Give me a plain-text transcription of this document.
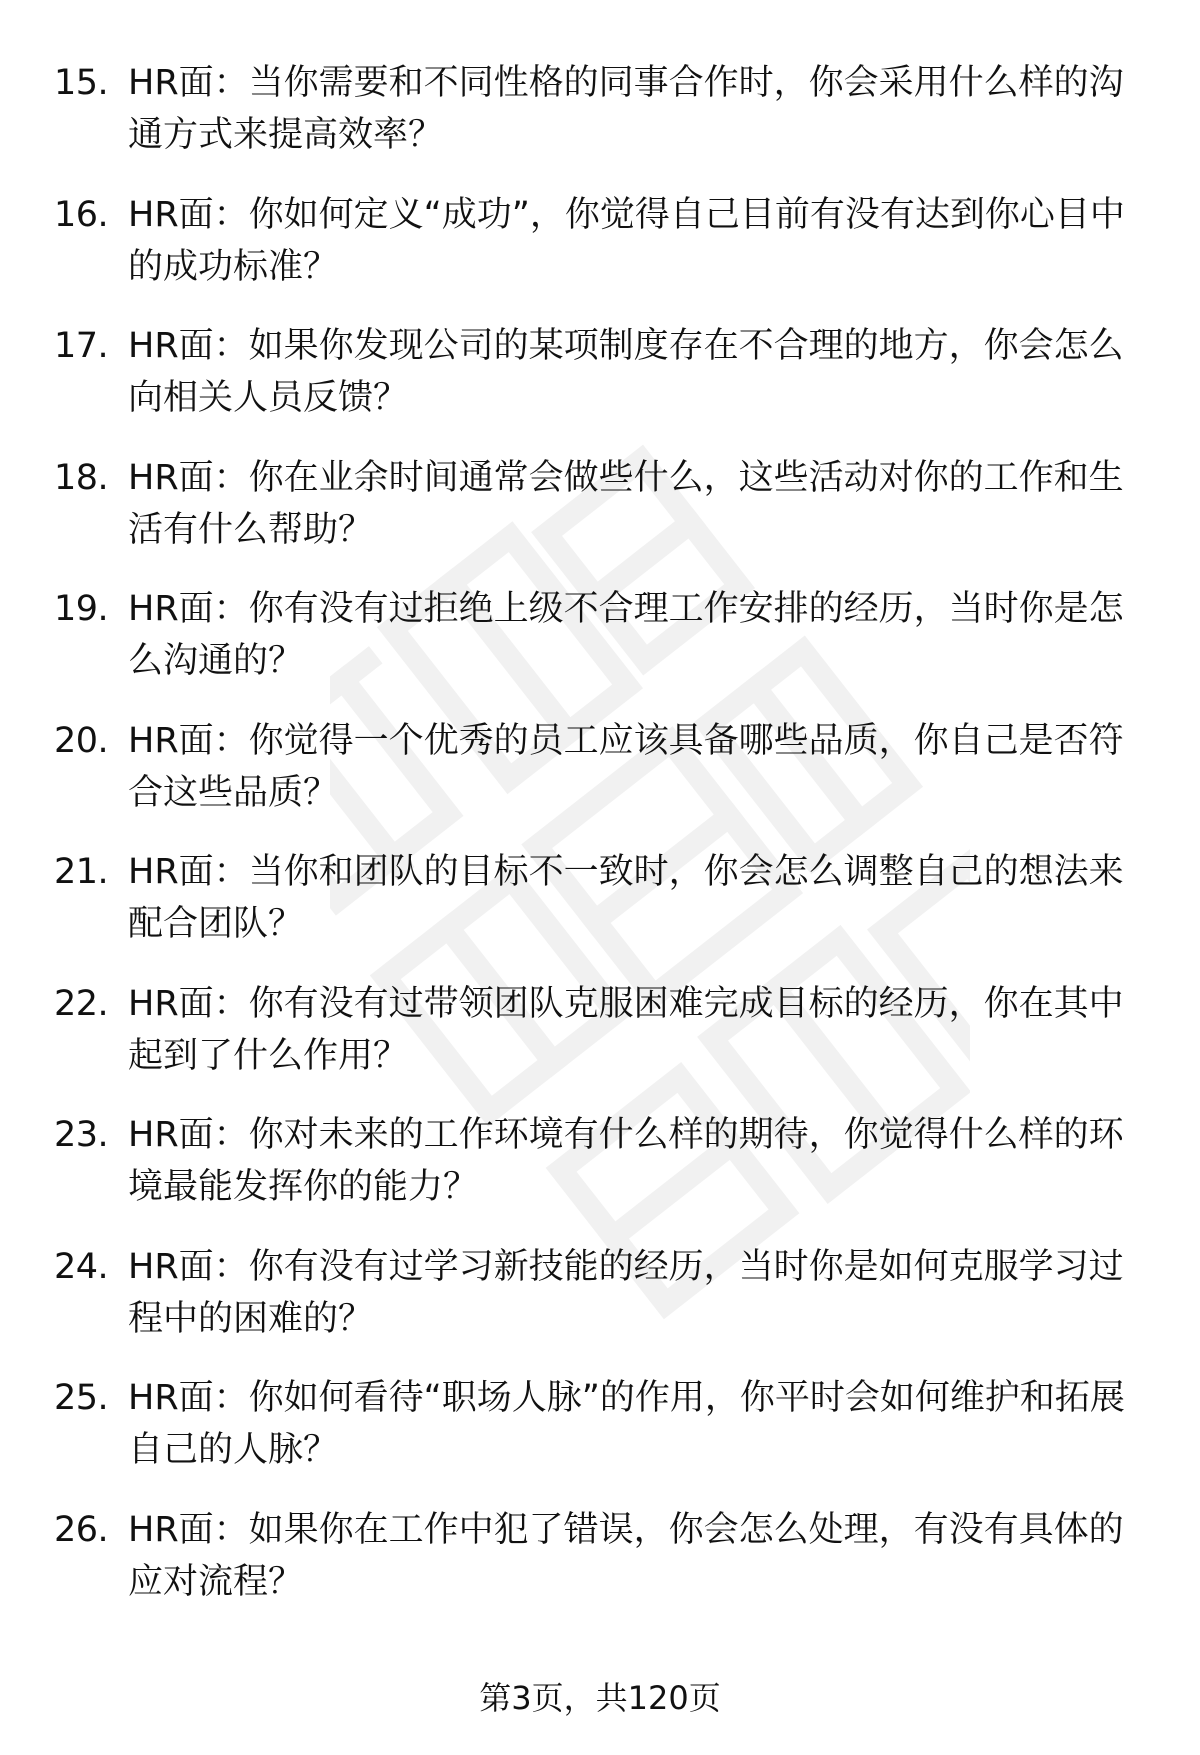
15. HR面：当你需要和不同性格的同事合作时，你会采用什么样的沟通方式来提高效率？
16. HR面：你如何定义“成功”，你觉得自己目前有没有达到你心目中的成功标准？
17. HR面：如果你发现公司的某项制度存在不合理的地方，你会怎么向相关人员反馈？
18. HR面：你在业余时间通常会做些什么，这些活动对你的工作和生活有什么帮助？
19. HR面：你有没有过拒绝上级不合理工作安排的经历，当时你是怎么沟通的？
20. HR面：你觉得一个优秀的员工应该具备哪些品质，你自己是否符合这些品质？
21. HR面：当你和团队的目标不一致时，你会怎么调整自己的想法来配合团队？
22. HR面：你有没有过带领团队克服困难完成目标的经历，你在其中起到了什么作用？
23. HR面：你对未来的工作环境有什么样的期待，你觉得什么样的环境最能发挥你的能力？
24. HR面：你有没有过学习新技能的经历，当时你是如何克服学习过程中的困难的？
25. HR面：你如何看待“职场人脉”的作用，你平时会如何维护和拓展自己的人脉？
26. HR面：如果你在工作中犯了错误，你会怎么处理，有没有具体的应对流程？
第3页，共120页
